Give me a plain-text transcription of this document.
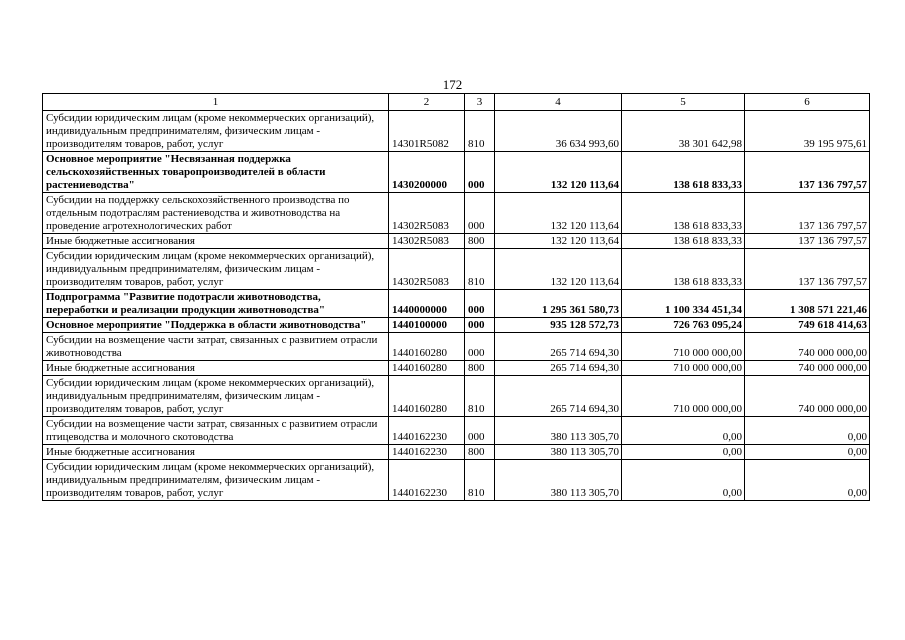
172
1	2	3	4	5	6
Субсидии юридическим лицам (кроме некоммерческих организаций), индивидуальным предпринимателям, физическим лицам - производителям товаров, работ, услуг	14301R5082	810	36 634 993,60	38 301 642,98	39 195 975,61
Основное мероприятие "Несвязанная поддержка сельскохозяйственных товаропроизводителей в области растениеводства"	1430200000	000	132 120 113,64	138 618 833,33	137 136 797,57
Субсидии на поддержку сельскохозяйственного производства по отдельным подотраслям растениеводства и животноводства на проведение агротехнологических работ	14302R5083	000	132 120 113,64	138 618 833,33	137 136 797,57
Иные бюджетные ассигнования	14302R5083	800	132 120 113,64	138 618 833,33	137 136 797,57
Субсидии юридическим лицам (кроме некоммерческих организаций), индивидуальным предпринимателям, физическим лицам - производителям товаров, работ, услуг	14302R5083	810	132 120 113,64	138 618 833,33	137 136 797,57
Подпрограмма "Развитие подотрасли животноводства, переработки и реализации продукции животноводства"	1440000000	000	1 295 361 580,73	1 100 334 451,34	1 308 571 221,46
Основное мероприятие "Поддержка в области животноводства"	1440100000	000	935 128 572,73	726 763 095,24	749 618 414,63
Субсидии на возмещение части затрат, связанных с развитием отрасли животноводства	1440160280	000	265 714 694,30	710 000 000,00	740 000 000,00
Иные бюджетные ассигнования	1440160280	800	265 714 694,30	710 000 000,00	740 000 000,00
Субсидии юридическим лицам (кроме некоммерческих организаций), индивидуальным предпринимателям, физическим лицам - производителям товаров, работ, услуг	1440160280	810	265 714 694,30	710 000 000,00	740 000 000,00
Субсидии на возмещение части затрат, связанных с развитием отрасли птицеводства и молочного скотоводства	1440162230	000	380 113 305,70	0,00	0,00
Иные бюджетные ассигнования	1440162230	800	380 113 305,70	0,00	0,00
Субсидии юридическим лицам (кроме некоммерческих организаций), индивидуальным предпринимателям, физическим лицам - производителям товаров, работ, услуг	1440162230	810	380 113 305,70	0,00	0,00
